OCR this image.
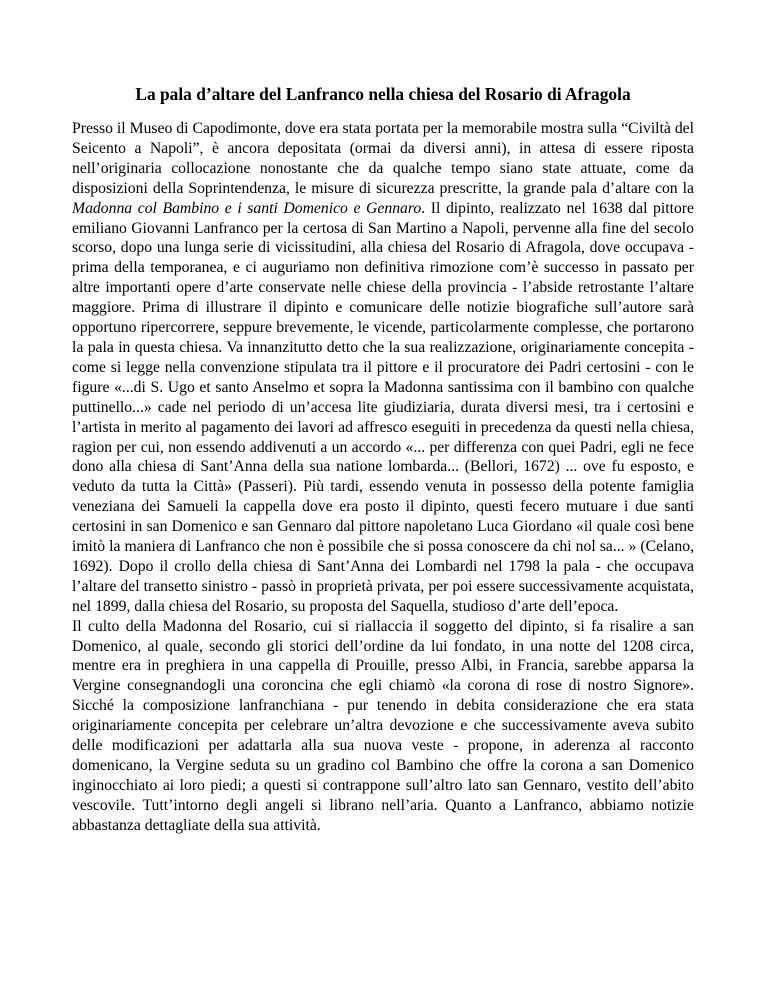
La pala d’altare del Lanfranco nella chiesa del Rosario di Afragola

Presso il Museo di Capodimonte, dove era stata portata per la memorabile mostra sulla “Civiltà del Seicento a Napoli”, è ancora depositata (ormai da diversi anni), in attesa di essere riposta nell’originaria collocazione nonostante che da qualche tempo siano state attuate, come da disposizioni della Soprintendenza, le misure di sicurezza prescritte, la grande pala d’altare con la Madonna col Bambino e i santi Domenico e Gennaro. Il dipinto, realizzato nel 1638 dal pittore emiliano Giovanni Lanfranco per la certosa di San Martino a Napoli, pervenne alla fine del secolo scorso, dopo una lunga serie di vicissitudini, alla chiesa del Rosario di Afragola, dove occupava - prima della temporanea, e ci auguriamo non definitiva rimozione com’è successo in passato per altre importanti opere d’arte conservate nelle chiese della provincia - l’abside retrostante l’altare maggiore. Prima di illustrare il dipinto e comunicare delle notizie biografiche sull’autore sarà opportuno ripercorrere, seppure brevemente, le vicende, particolarmente complesse, che portarono la pala in questa chiesa. Va innanzitutto detto che la sua realizzazione, originariamente concepita - come si legge nella convenzione stipulata tra il pittore e il procuratore dei Padri certosini - con le figure «...di S. Ugo et santo Anselmo et sopra la Madonna santissima con il bambino con qualche puttinello...» cade nel periodo di un’accesa lite giudiziaria, durata diversi mesi, tra i certosini e l’artista in merito al pagamento dei lavori ad affresco eseguiti in precedenza da questi nella chiesa, ragion per cui, non essendo addivenuti a un accordo «... per differenza con quei Padri, egli ne fece dono alla chiesa di Sant’Anna della sua natione lombarda... (Bellori, 1672) ... ove fu esposto, e veduto da tutta la Città» (Passeri). Più tardi, essendo venuta in possesso della potente famiglia veneziana dei Samueli la cappella dove era posto il dipinto, questi fecero mutuare i due santi certosini in san Domenico e san Gennaro dal pittore napoletano Luca Giordano «il quale così bene imitò la maniera di Lanfranco che non è possibile che si possa conoscere da chi nol sa... » (Celano, 1692). Dopo il crollo della chiesa di Sant’Anna dei Lombardi nel 1798 la pala - che occupava l’altare del transetto sinistro - passò in proprietà privata, per poi essere successivamente acquistata, nel 1899, dalla chiesa del Rosario, su proposta del Saquella, studioso d’arte dell’epoca.

Il culto della Madonna del Rosario, cui si riallaccia il soggetto del dipinto, si fa risalire a san Domenico, al quale, secondo gli storici dell’ordine da lui fondato, in una notte del 1208 circa, mentre era in preghiera in una cappella di Prouille, presso Albi, in Francia, sarebbe apparsa la Vergine consegnandogli una coroncina che egli chiamò «la corona di rose di nostro Signore». Sicché la composizione lanfranchiana - pur tenendo in debita considerazione che era stata originariamente concepita per celebrare un’altra devozione e che successivamente aveva subito delle modificazioni per adattarla alla sua nuova veste - propone, in aderenza al racconto domenicano, la Vergine seduta su un gradino col Bambino che offre la corona a san Domenico inginocchiato ai loro piedi; a questi si contrappone sull’altro lato san Gennaro, vestito dell’abito vescovile. Tutt’intorno degli angeli si librano nell’aria. Quanto a Lanfranco, abbiamo notizie abbastanza dettagliate della sua attività.
